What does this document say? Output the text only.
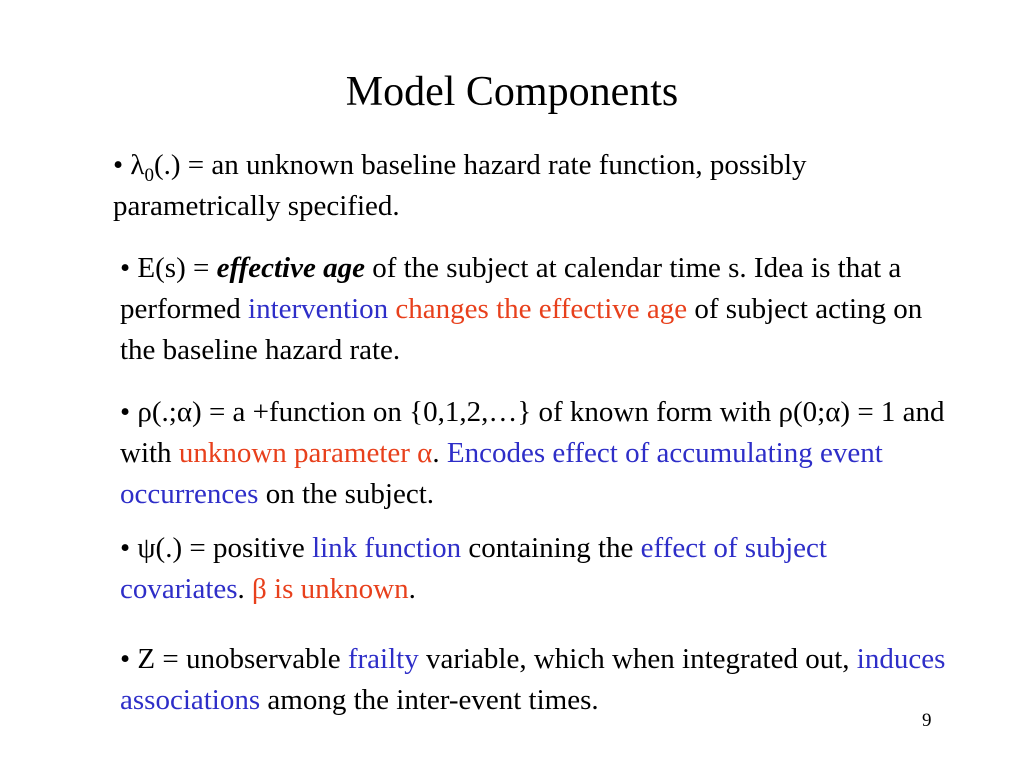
Model Components

• $\lambda_0(.)$ = an unknown baseline hazard rate function, possibly parametrically specified.

• E(s) = effective age of the subject at calendar time s. Idea is that a performed intervention changes the effective age of subject acting on the baseline hazard rate.

• ρ(.;α) = a +function on {0,1,2,…} of known form with ρ(0;α) = 1 and with unknown parameter α. Encodes effect of accumulating event occurrences on the subject.

• ψ(.) = positive link function containing the effect of subject covariates. β is unknown.

• Z = unobservable frailty variable, which when integrated out, induces associations among the inter-event times.

9
